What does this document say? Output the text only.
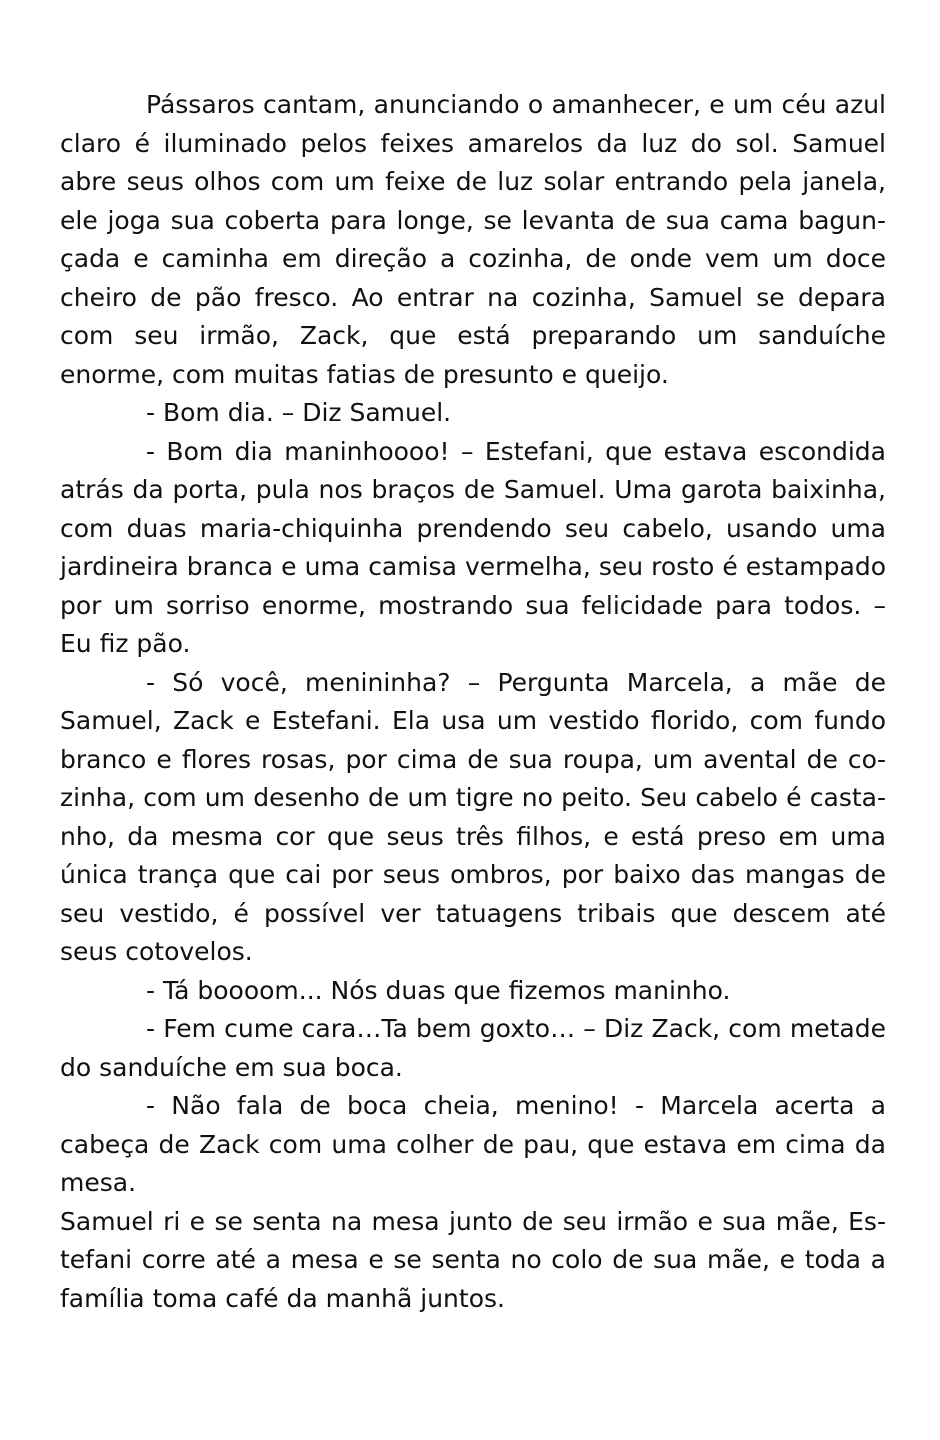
Pássaros cantam, anunciando o amanhecer, e um céu azul claro é iluminado pelos feixes amarelos da luz do sol. Samuel abre seus olhos com um feixe de luz solar entrando pela janela, ele joga sua coberta para longe, se levanta de sua cama bagunçada e caminha em direção a cozinha, de onde vem um doce cheiro de pão fresco. Ao entrar na cozinha, Samuel se depara com seu irmão, Zack, que está preparando um sanduíche enorme, com muitas fatias de presunto e queijo.

- Bom dia. – Diz Samuel.

- Bom dia maninhoooo! – Estefani, que estava escondida atrás da porta, pula nos braços de Samuel. Uma garota baixinha, com duas maria-chiquinha prendendo seu cabelo, usando uma jardineira branca e uma camisa vermelha, seu rosto é estampado por um sorriso enorme, mostrando sua felicidade para todos. – Eu fiz pão.

- Só você, menininha? – Pergunta Marcela, a mãe de Samuel, Zack e Estefani. Ela usa um vestido florido, com fundo branco e flores rosas, por cima de sua roupa, um avental de cozinha, com um desenho de um tigre no peito. Seu cabelo é castanho, da mesma cor que seus três filhos, e está preso em uma única trança que cai por seus ombros, por baixo das mangas de seu vestido, é possível ver tatuagens tribais que descem até seus cotovelos.

- Tá boooom... Nós duas que fizemos maninho.

- Fem cume cara…Ta bem goxto… – Diz Zack, com metade do sanduíche em sua boca.

- Não fala de boca cheia, menino! - Marcela acerta a cabeça de Zack com uma colher de pau, que estava em cima da mesa.

Samuel ri e se senta na mesa junto de seu irmão e sua mãe, Estefani corre até a mesa e se senta no colo de sua mãe, e toda a família toma café da manhã juntos.
